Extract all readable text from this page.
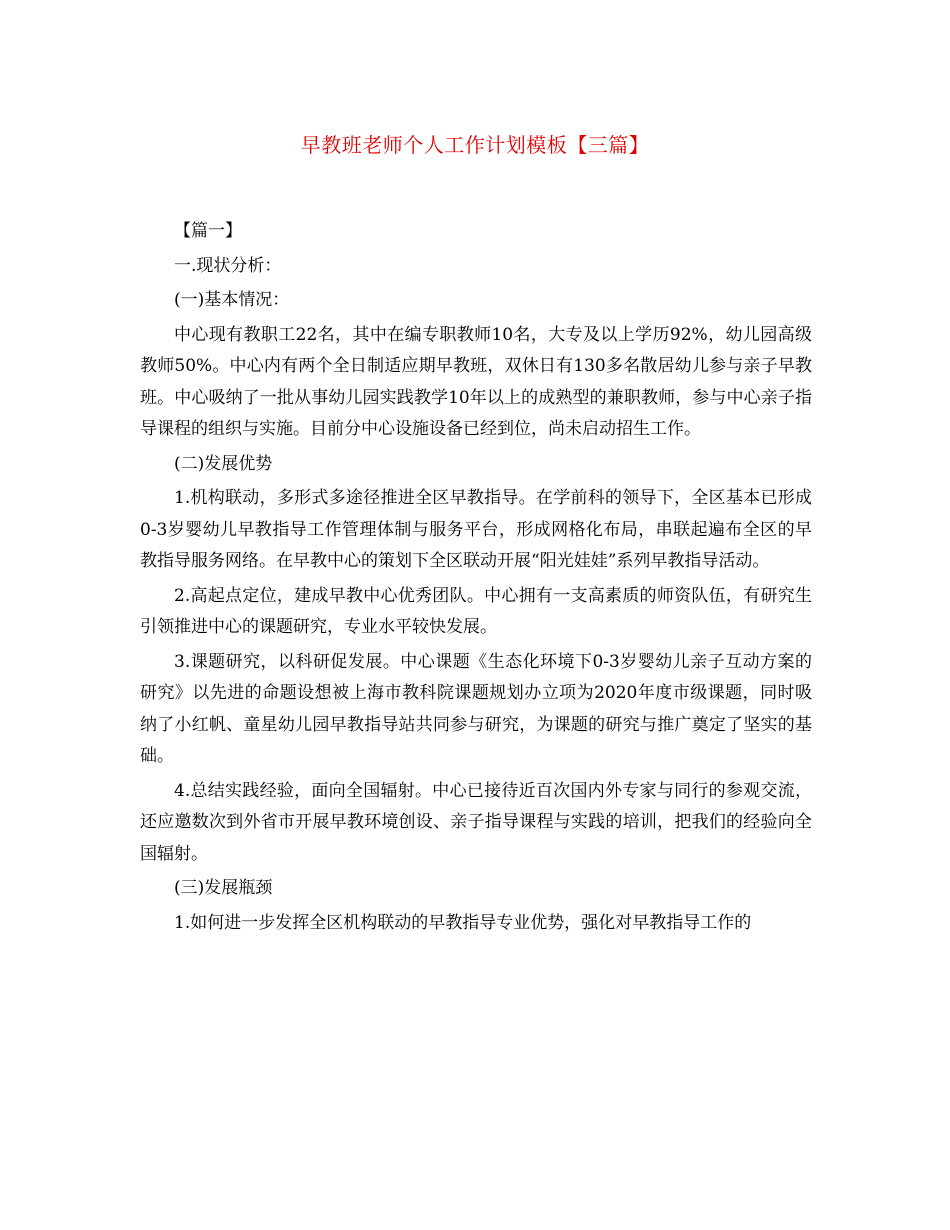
早教班老师个人工作计划模板【三篇】

【篇一】

一.现状分析：

(一)基本情况：

中心现有教职工22名，其中在编专职教师10名，大专及以上学历92%，幼儿园高级教师50%。中心内有两个全日制适应期早教班，双休日有130多名散居幼儿参与亲子早教班。中心吸纳了一批从事幼儿园实践教学10年以上的成熟型的兼职教师，参与中心亲子指导课程的组织与实施。目前分中心设施设备已经到位，尚未启动招生工作。

(二)发展优势

1.机构联动，多形式多途径推进全区早教指导。在学前科的领导下，全区基本已形成0-3岁婴幼儿早教指导工作管理体制与服务平台，形成网格化布局，串联起遍布全区的早教指导服务网络。在早教中心的策划下全区联动开展“阳光娃娃”系列早教指导活动。

2.高起点定位，建成早教中心优秀团队。中心拥有一支高素质的师资队伍，有研究生引领推进中心的课题研究，专业水平较快发展。

3.课题研究，以科研促发展。中心课题《生态化环境下0-3岁婴幼儿亲子互动方案的研究》以先进的命题设想被上海市教科院课题规划办立项为2020年度市级课题，同时吸纳了小红帆、童星幼儿园早教指导站共同参与研究，为课题的研究与推广奠定了坚实的基础。

4.总结实践经验，面向全国辐射。中心已接待近百次国内外专家与同行的参观交流，还应邀数次到外省市开展早教环境创设、亲子指导课程与实践的培训，把我们的经验向全国辐射。

(三)发展瓶颈

1.如何进一步发挥全区机构联动的早教指导专业优势，强化对早教指导工作的
